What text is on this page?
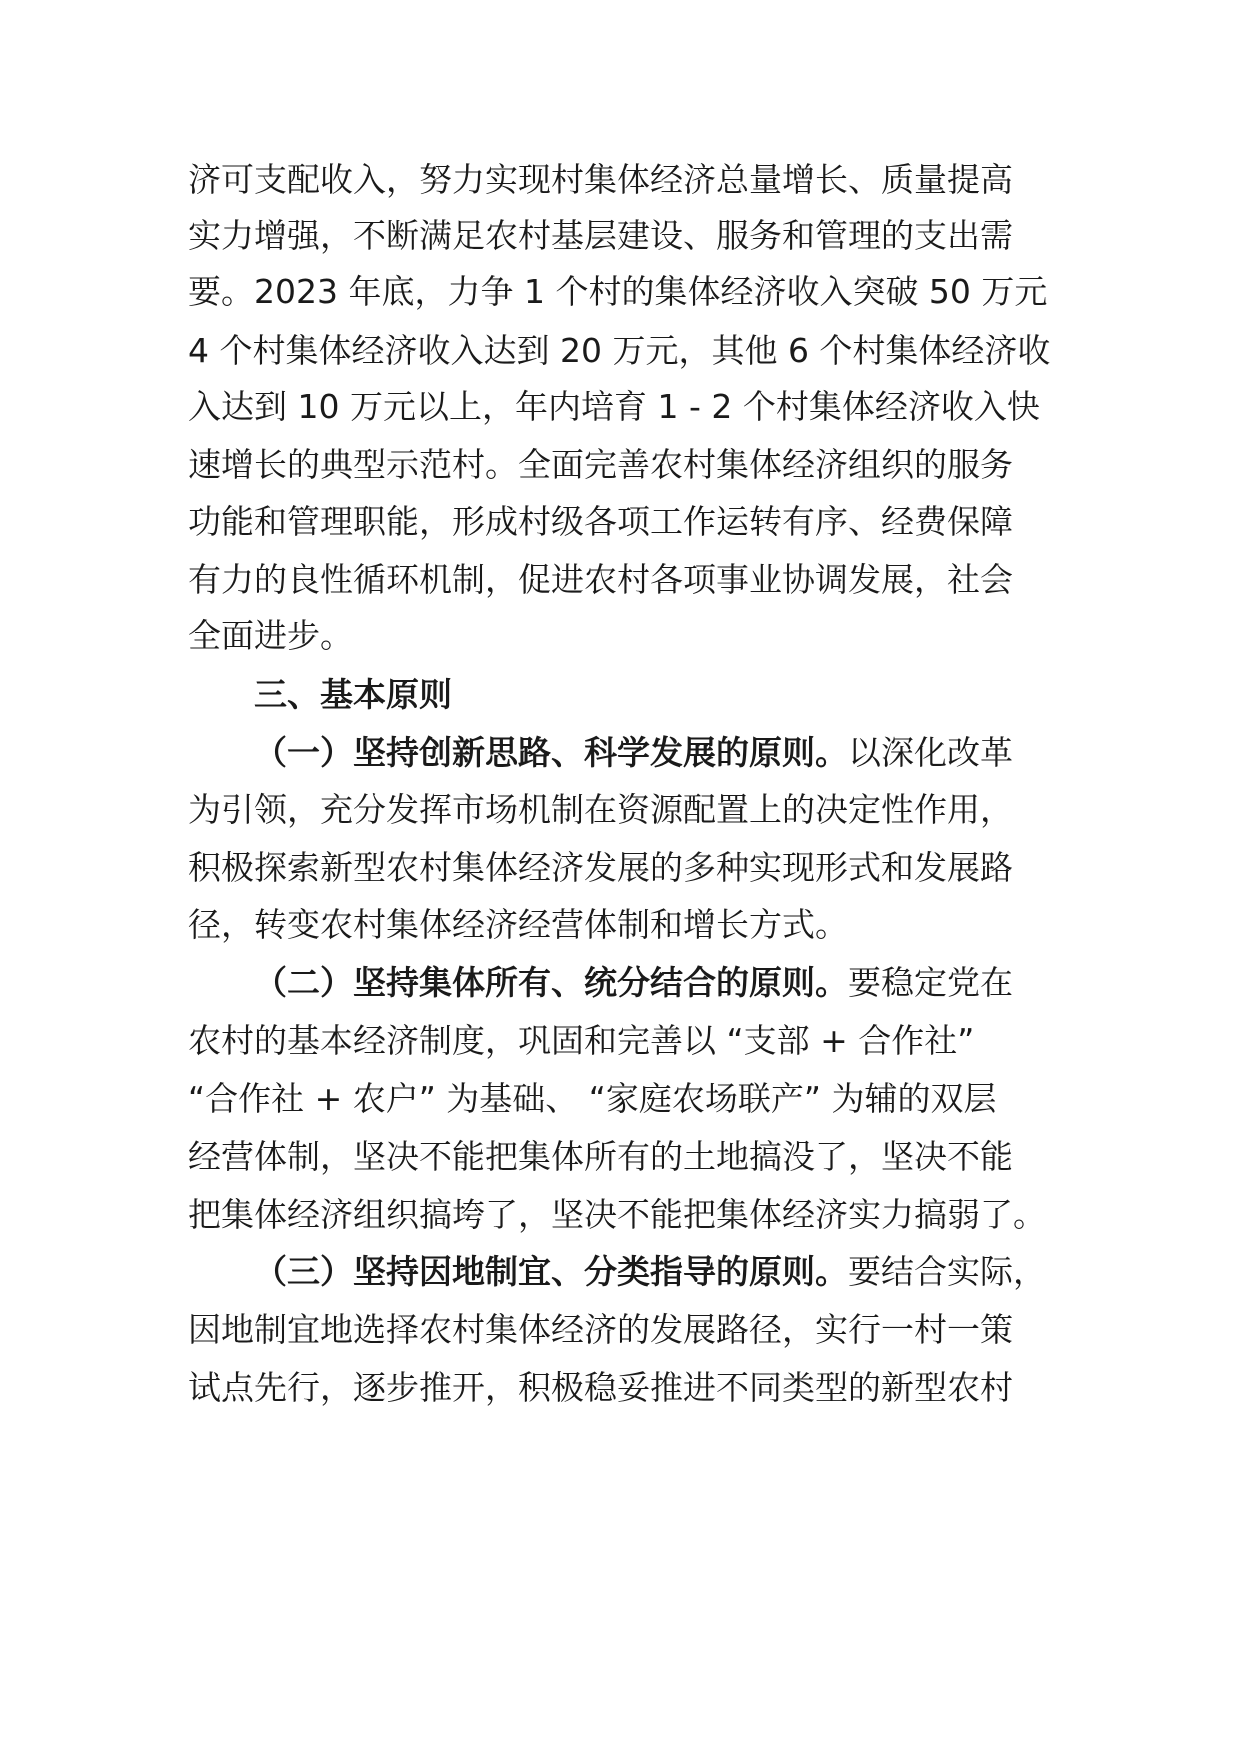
济可支配收入，努力实现村集体经济总量增长、质量提高
实力增强，不断满足农村基层建设、服务和管理的支出需
要。2023 年底，力争 1 个村的集体经济收入突破 50 万元
4 个村集体经济收入达到 20 万元，其他 6 个村集体经济收
入达到 10 万元以上，年内培育 1 - 2 个村集体经济收入快
速增长的典型示范村。全面完善农村集体经济组织的服务
功能和管理职能，形成村级各项工作运转有序、经费保障
有力的良性循环机制，促进农村各项事业协调发展，社会
全面进步。
三、基本原则
（一）坚持创新思路、科学发展的原则。以深化改革
为引领，充分发挥市场机制在资源配置上的决定性作用，
积极探索新型农村集体经济发展的多种实现形式和发展路
径，转变农村集体经济经营体制和增长方式。
（二）坚持集体所有、统分结合的原则。要稳定党在
农村的基本经济制度，巩固和完善以 “支部 + 合作社”
“合作社 + 农户” 为基础、 “家庭农场联产” 为辅的双层
经营体制，坚决不能把集体所有的土地搞没了，坚决不能
把集体经济组织搞垮了，坚决不能把集体经济实力搞弱了。
（三）坚持因地制宜、分类指导的原则。要结合实际，
因地制宜地选择农村集体经济的发展路径，实行一村一策
试点先行，逐步推开，积极稳妥推进不同类型的新型农村
